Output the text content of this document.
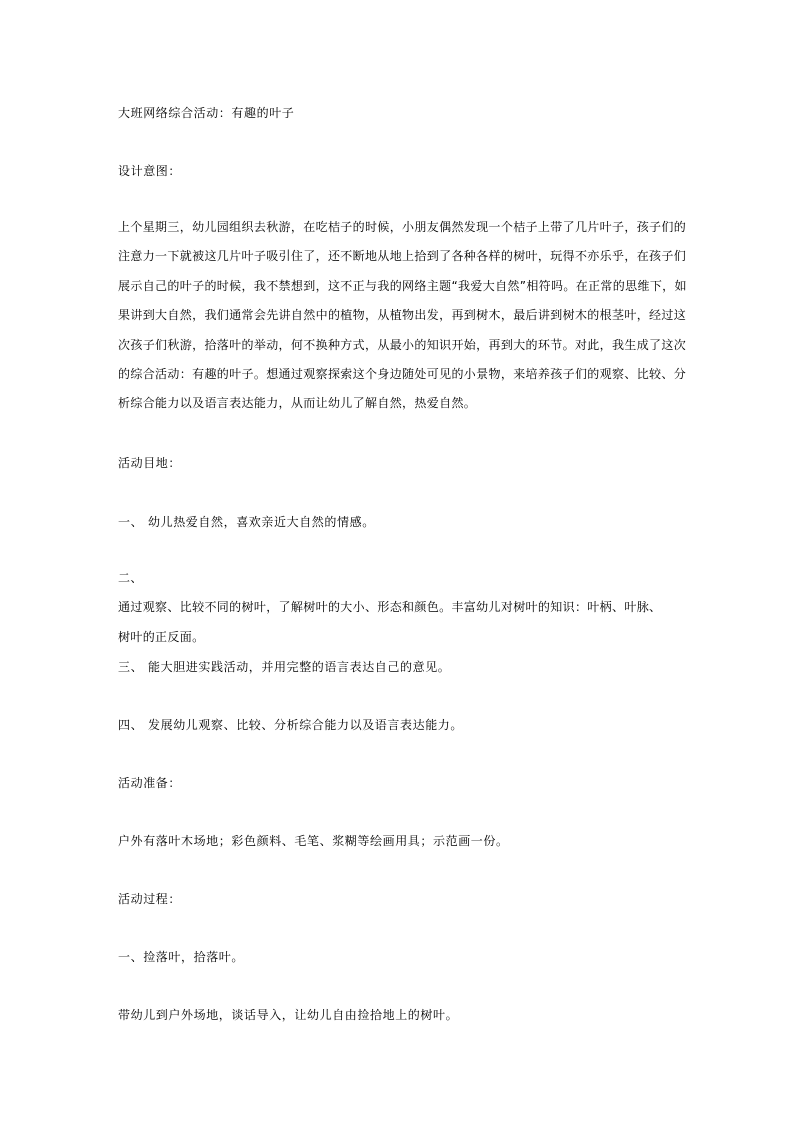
大班网络综合活动：有趣的叶子
设计意图：
上个星期三，幼儿园组织去秋游，在吃桔子的时候，小朋友偶然发现一个桔子上带了几片叶子，孩子们的
注意力一下就被这几片叶子吸引住了，还不断地从地上拾到了各种各样的树叶，玩得不亦乐乎，在孩子们
展示自己的叶子的时候，我不禁想到，这不正与我的网络主题“我爱大自然”相符吗。在正常的思维下，如
果讲到大自然，我们通常会先讲自然中的植物，从植物出发，再到树木，最后讲到树木的根茎叶，经过这
次孩子们秋游，拾落叶的举动，何不换种方式，从最小的知识开始，再到大的环节。对此，我生成了这次
的综合活动：有趣的叶子。想通过观察探索这个身边随处可见的小景物，来培养孩子们的观察、比较、分
析综合能力以及语言表达能力，从而让幼儿了解自然，热爱自然。
活动目地：
一、 幼儿热爱自然，喜欢亲近大自然的情感。
二、
通过观察、比较不同的树叶，了解树叶的大小、形态和颜色。丰富幼儿对树叶的知识：叶柄、叶脉、
树叶的正反面。
三、 能大胆进实践活动，并用完整的语言表达自己的意见。
四、 发展幼儿观察、比较、分析综合能力以及语言表达能力。
活动准备：
户外有落叶木场地；彩色颜料、毛笔、浆糊等绘画用具；示范画一份。
活动过程：
一、捡落叶，拾落叶。
带幼儿到户外场地，谈话导入，让幼儿自由捡拾地上的树叶。
